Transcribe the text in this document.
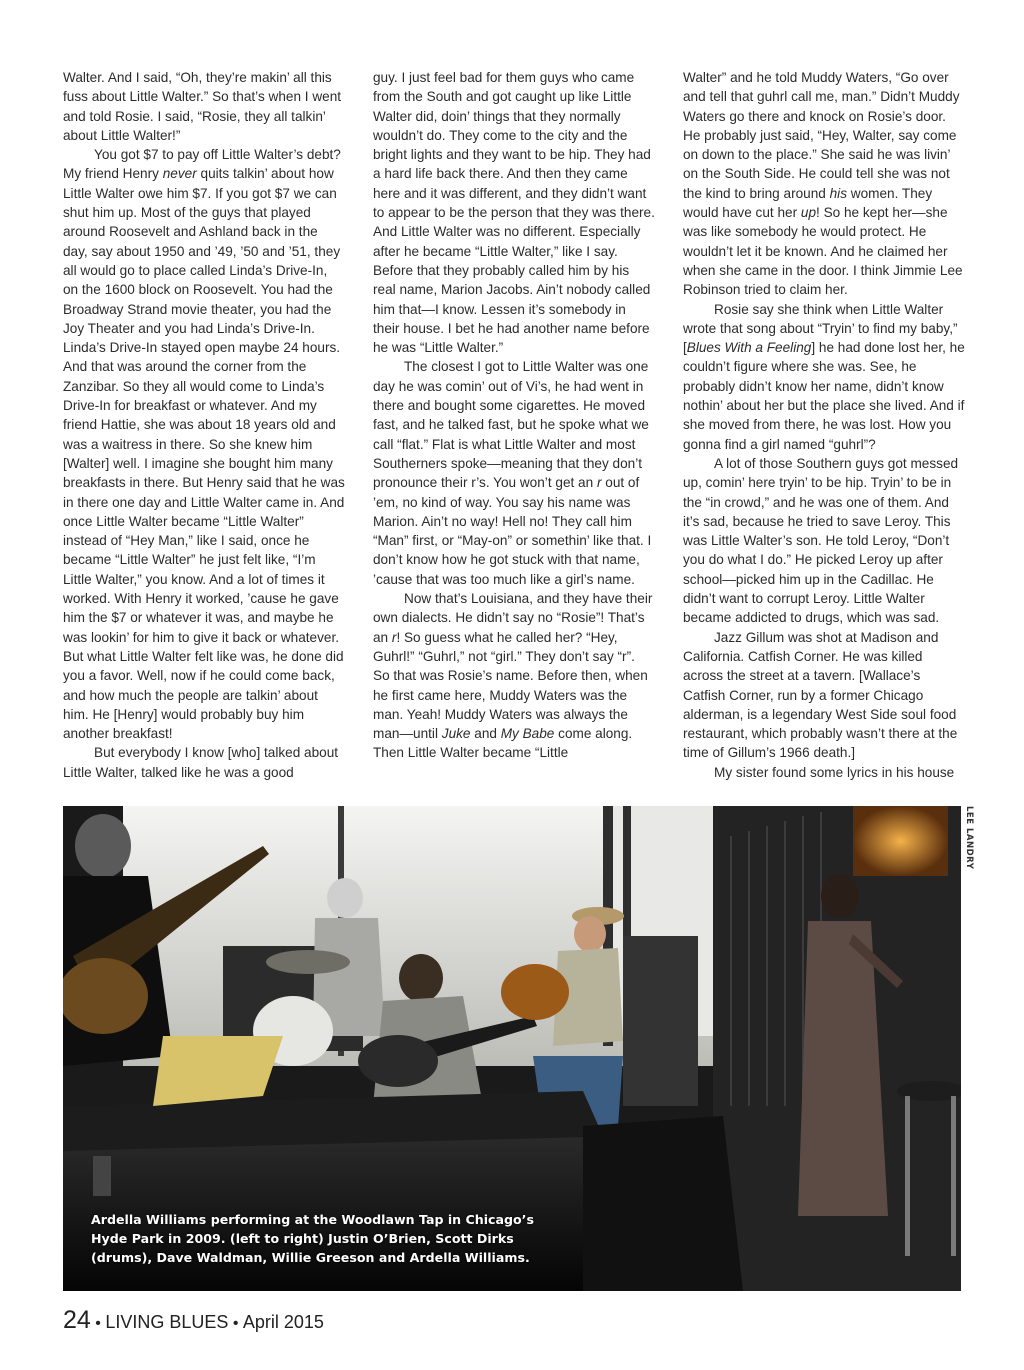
Walter. And I said, “Oh, they’re makin’ all this fuss about Little Walter.” So that’s when I went and told Rosie. I said, “Rosie, they all talkin’ about Little Walter!”

You got $7 to pay off Little Walter’s debt? My friend Henry never quits talkin’ about how Little Walter owe him $7. If you got $7 we can shut him up. Most of the guys that played around Roosevelt and Ashland back in the day, say about 1950 and ’49, ’50 and ’51, they all would go to place called Linda’s Drive-In, on the 1600 block on Roosevelt. You had the Broadway Strand movie theater, you had the Joy Theater and you had Linda’s Drive-In. Linda’s Drive-In stayed open maybe 24 hours. And that was around the corner from the Zanzibar. So they all would come to Linda’s Drive-In for breakfast or whatever. And my friend Hattie, she was about 18 years old and was a waitress in there. So she knew him [Walter] well. I imagine she bought him many breakfasts in there. But Henry said that he was in there one day and Little Walter came in. And once Little Walter became “Little Walter” instead of “Hey Man,” like I said, once he became “Little Walter” he just felt like, “I’m Little Walter,” you know. And a lot of times it worked. With Henry it worked, ’cause he gave him the $7 or whatever it was, and maybe he was lookin’ for him to give it back or whatever. But what Little Walter felt like was, he done did you a favor. Well, now if he could come back, and how much the people are talkin’ about him. He [Henry] would probably buy him another breakfast!

But everybody I know [who] talked about Little Walter, talked like he was a good

guy. I just feel bad for them guys who came from the South and got caught up like Little Walter did, doin’ things that they normally wouldn’t do. They come to the city and the bright lights and they want to be hip. They had a hard life back there. And then they came here and it was different, and they didn’t want to appear to be the person that they was there. And Little Walter was no different. Especially after he became “Little Walter,” like I say. Before that they probably called him by his real name, Marion Jacobs. Ain’t nobody called him that—I know. Lessen it’s somebody in their house. I bet he had another name before he was “Little Walter.”

The closest I got to Little Walter was one day he was comin’ out of Vi’s, he had went in there and bought some cigarettes. He moved fast, and he talked fast, but he spoke what we call “flat.” Flat is what Little Walter and most Southerners spoke—meaning that they don’t pronounce their r’s. You won’t get an r out of ’em, no kind of way. You say his name was Marion. Ain’t no way! Hell no! They call him “Man” first, or “May-on” or somethin’ like that. I don’t know how he got stuck with that name, ’cause that was too much like a girl’s name.

Now that’s Louisiana, and they have their own dialects. He didn’t say no “Rosie”! That’s an r! So guess what he called her? “Hey, Guhrl!” “Guhrl,” not “girl.” They don’t say “r”. So that was Rosie’s name. Before then, when he first came here, Muddy Waters was the man. Yeah! Muddy Waters was always the man—until Juke and My Babe come along. Then Little Walter became “Little

Walter” and he told Muddy Waters, “Go over and tell that guhrl call me, man.” Didn’t Muddy Waters go there and knock on Rosie’s door. He probably just said, “Hey, Walter, say come on down to the place.” She said he was livin’ on the South Side. He could tell she was not the kind to bring around his women. They would have cut her up! So he kept her—she was like somebody he would protect. He wouldn’t let it be known. And he claimed her when she came in the door. I think Jimmie Lee Robinson tried to claim her.

Rosie say she think when Little Walter wrote that song about “Tryin’ to find my baby,” [Blues With a Feeling] he had done lost her, he couldn’t figure where she was. See, he probably didn’t know her name, didn’t know nothin’ about her but the place she lived. And if she moved from there, he was lost. How you gonna find a girl named “guhrl”?

A lot of those Southern guys got messed up, comin’ here tryin’ to be hip. Tryin’ to be in the “in crowd,” and he was one of them. And it’s sad, because he tried to save Leroy. This was Little Walter’s son. He told Leroy, “Don’t you do what I do.” He picked Leroy up after school—picked him up in the Cadillac. He didn’t want to corrupt Leroy. Little Walter became addicted to drugs, which was sad.

Jazz Gillum was shot at Madison and California. Catfish Corner. He was killed across the street at a tavern. [Wallace’s Catfish Corner, run by a former Chicago alderman, is a legendary West Side soul food restaurant, which probably wasn’t there at the time of Gillum’s 1966 death.]

My sister found some lyrics in his house

Ardella Williams performing at the Woodlawn Tap in Chicago’s Hyde Park in 2009. (left to right) Justin O’Brien, Scott Dirks (drums), Dave Waldman, Willie Greeson and Ardella Williams.
LEE LANDRY
24 • LIVING BLUES • April 2015
